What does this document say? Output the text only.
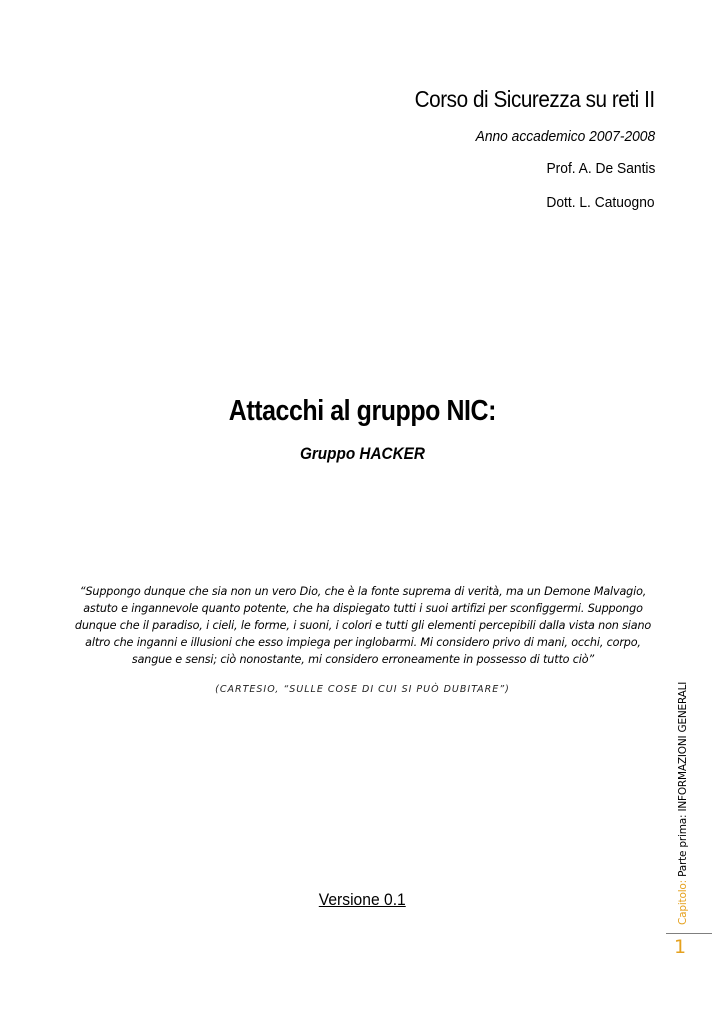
Corso di Sicurezza su reti II
Anno accademico 2007-2008
Prof. A. De Santis
Dott. L. Catuogno
Attacchi al gruppo NIC:
Gruppo HACKER
“Suppongo dunque che sia non un vero Dio, che è la fonte suprema di verità, ma un Demone Malvagio, astuto e ingannevole quanto potente, che ha dispiegato tutti i suoi artifizi per sconfiggermi. Suppongo dunque che il paradiso, i cieli, le forme, i suoni, i colori e tutti gli elementi percepibili dalla vista non siano altro che inganni e illusioni che esso impiega per inglobarmi. Mi considero privo di mani, occhi, corpo, sangue e sensi; ciò nonostante, mi considero erroneamente in possesso di tutto ciò”
(CARTESIO, “SULLE COSE DI CUI SI PUÒ DUBITARE”)
Versione 0.1	Capitolo: Parte prima: INFORMAZIONI GENERALI
1
